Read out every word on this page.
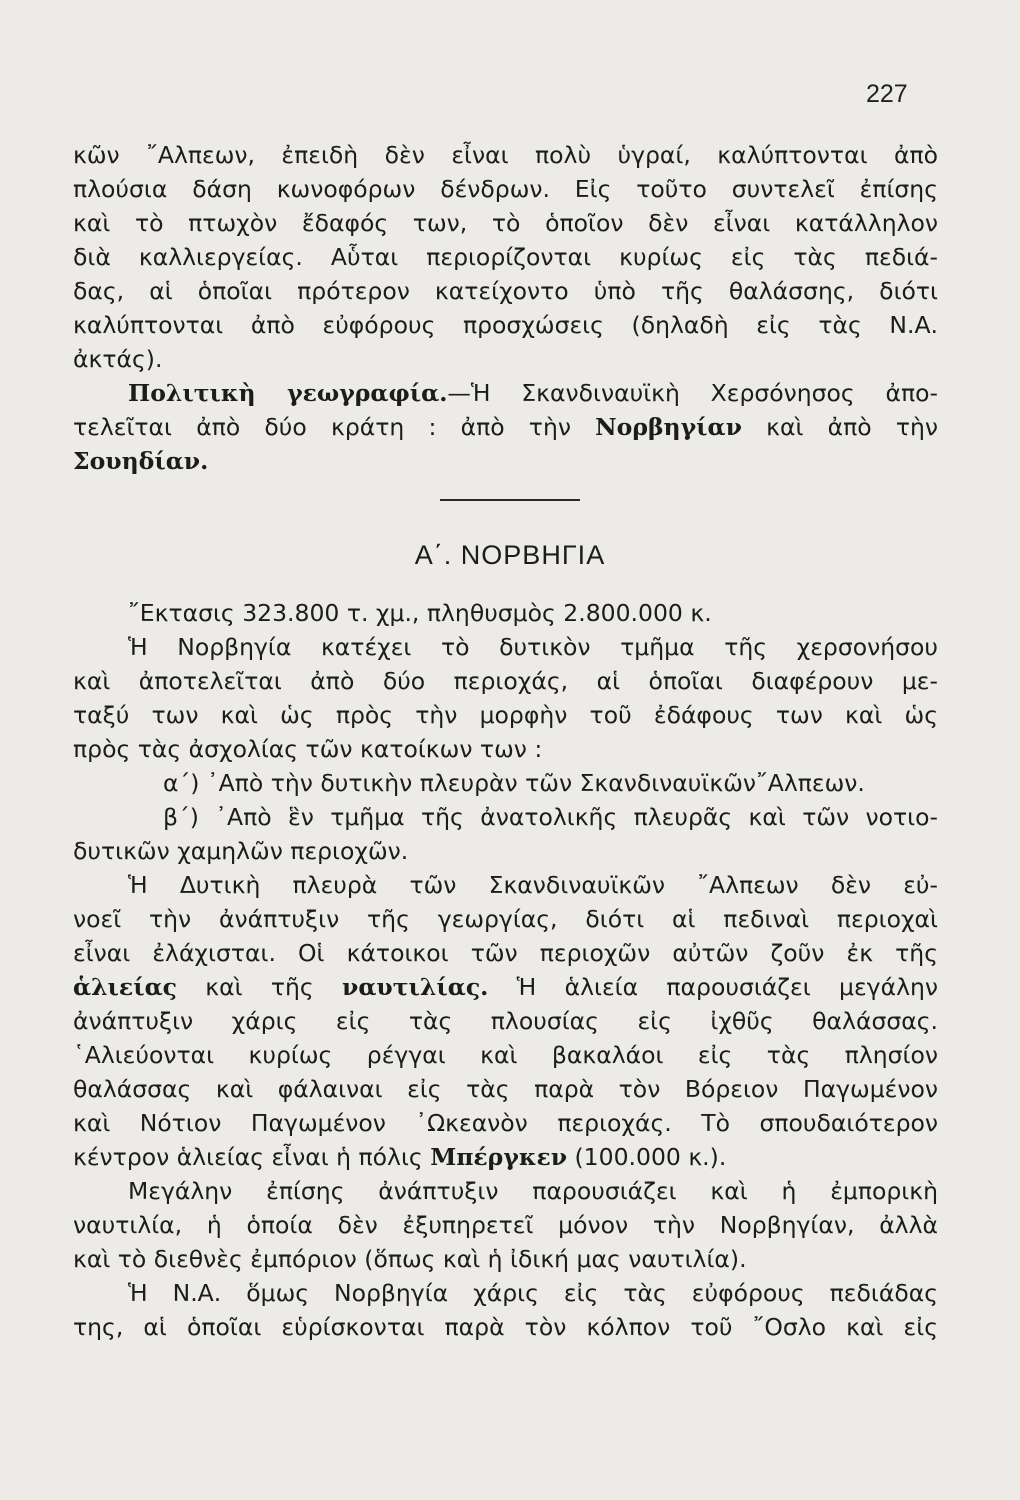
227
κῶν ῎Αλπεων, ἐπειδὴ δὲν εἶναι πολὺ ὑγραί, καλύπτονται ἀπὸ
πλούσια δάση κωνοφόρων δένδρων. Εἰς τοῦτο συντελεῖ ἐπίσης
καὶ τὸ πτωχὸν ἔδαφός των, τὸ ὁποῖον δὲν εἶναι κατάλληλον
διὰ καλλιεργείας. Αὗται περιορίζονται κυρίως εἰς τὰς πεδιά-
δας, αἱ ὁποῖαι πρότερον κατείχοντο ὑπὸ τῆς θαλάσσης, διότι
καλύπτονται ἀπὸ εὐφόρους προσχώσεις (δηλαδὴ εἰς τὰς Ν.Α.
ἀκτάς).
Πολιτικὴ γεωγραφία.—Ἡ Σκανδιναυϊκὴ Χερσόνησος ἀπο-
τελεῖται ἀπὸ δύο κράτη : ἀπὸ τὴν Νορβηγίαν καὶ ἀπὸ τὴν
Σουηδίαν.
Α΄. ΝΟΡΒΗΓΙΑ
῎Εκτασις 323.800 τ. χμ., πληθυσμὸς 2.800.000 κ.
Ἡ Νορβηγία κατέχει τὸ δυτικὸν τμῆμα τῆς χερσονήσου
καὶ ἀποτελεῖται ἀπὸ δύο περιοχάς, αἱ ὁποῖαι διαφέρουν με-
ταξύ των καὶ ὡς πρὸς τὴν μορφὴν τοῦ ἐδάφους των καὶ ὡς
πρὸς τὰς ἀσχολίας τῶν κατοίκων των :
α΄) ᾿Απὸ τὴν δυτικὴν πλευρὰν τῶν Σκανδιναυϊκῶν῎Αλπεων.
β΄) ᾿Απὸ ἓν τμῆμα τῆς ἀνατολικῆς πλευρᾶς καὶ τῶν νοτιο-
δυτικῶν χαμηλῶν περιοχῶν.
Ἡ Δυτικὴ πλευρὰ τῶν Σκανδιναυϊκῶν ῎Αλπεων δὲν εὐ-
νοεῖ τὴν ἀνάπτυξιν τῆς γεωργίας, διότι αἱ πεδιναὶ περιοχαὶ
εἶναι ἐλάχισται. Οἱ κάτοικοι τῶν περιοχῶν αὐτῶν ζοῦν ἐκ τῆς
ἁλιείας καὶ τῆς ναυτιλίας. Ἡ ἁλιεία παρουσιάζει μεγάλην
ἀνάπτυξιν χάρις εἰς τὰς πλουσίας εἰς ἰχθῦς θαλάσσας.
῾Αλιεύονται κυρίως ρέγγαι καὶ βακαλάοι εἰς τὰς πλησίον
θαλάσσας καὶ φάλαιναι εἰς τὰς παρὰ τὸν Βόρειον Παγωμένον
καὶ Νότιον Παγωμένον ᾿Ωκεανὸν περιοχάς. Τὸ σπουδαιότερον
κέντρον ἁλιείας εἶναι ἡ πόλις Μπέργκεν (100.000 κ.).
Μεγάλην ἐπίσης ἀνάπτυξιν παρουσιάζει καὶ ἡ ἐμπορικὴ
ναυτιλία, ἡ ὁποία δὲν ἐξυπηρετεῖ μόνον τὴν Νορβηγίαν, ἀλλὰ
καὶ τὸ διεθνὲς ἐμπόριον (ὅπως καὶ ἡ ἰδική μας ναυτιλία).
Ἡ Ν.Α. ὅμως Νορβηγία χάρις εἰς τὰς εὐφόρους πεδιάδας
της, αἱ ὁποῖαι εὑρίσκονται παρὰ τὸν κόλπον τοῦ ῎Οσλο καὶ εἰς
